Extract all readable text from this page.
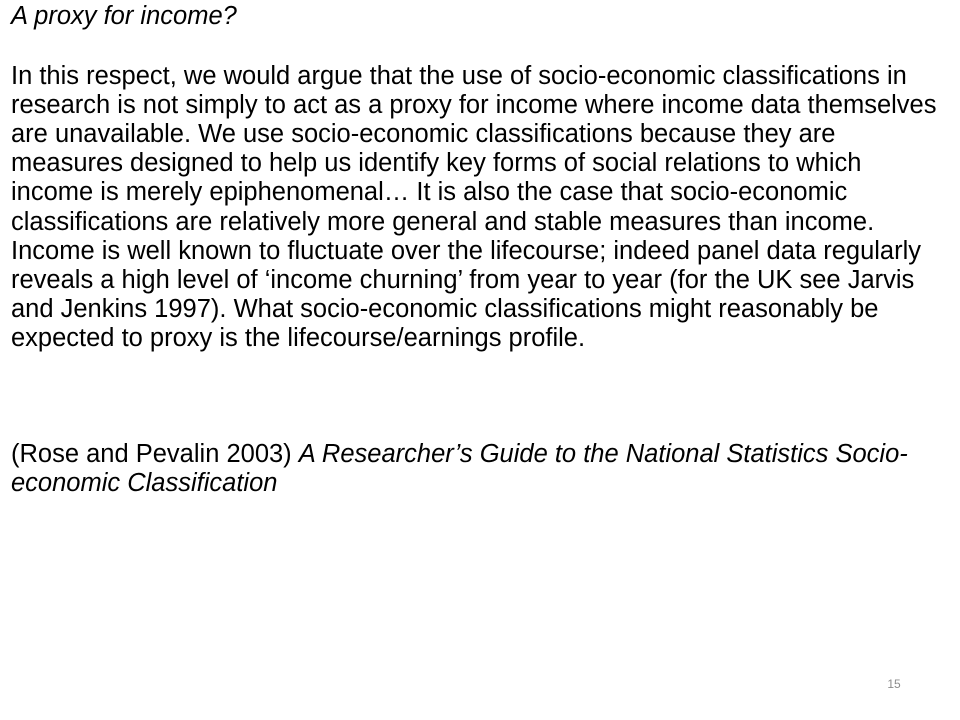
A proxy for income?

In this respect, we would argue that the use of socio-economic classifications in research is not simply to act as a proxy for income where income data themselves are unavailable. We use socio-economic classifications because they are measures designed to help us identify key forms of social relations to which income is merely epiphenomenal… It is also the case that socio-economic classifications are relatively more general and stable measures than income. Income is well known to fluctuate over the lifecourse; indeed panel data regularly reveals a high level of ‘income churning’ from year to year (for the UK see Jarvis and Jenkins 1997). What socio-economic classifications might reasonably be expected to proxy is the lifecourse/earnings profile.

(Rose and Pevalin 2003) A Researcher’s Guide to the National Statistics Socio-economic Classification

15
